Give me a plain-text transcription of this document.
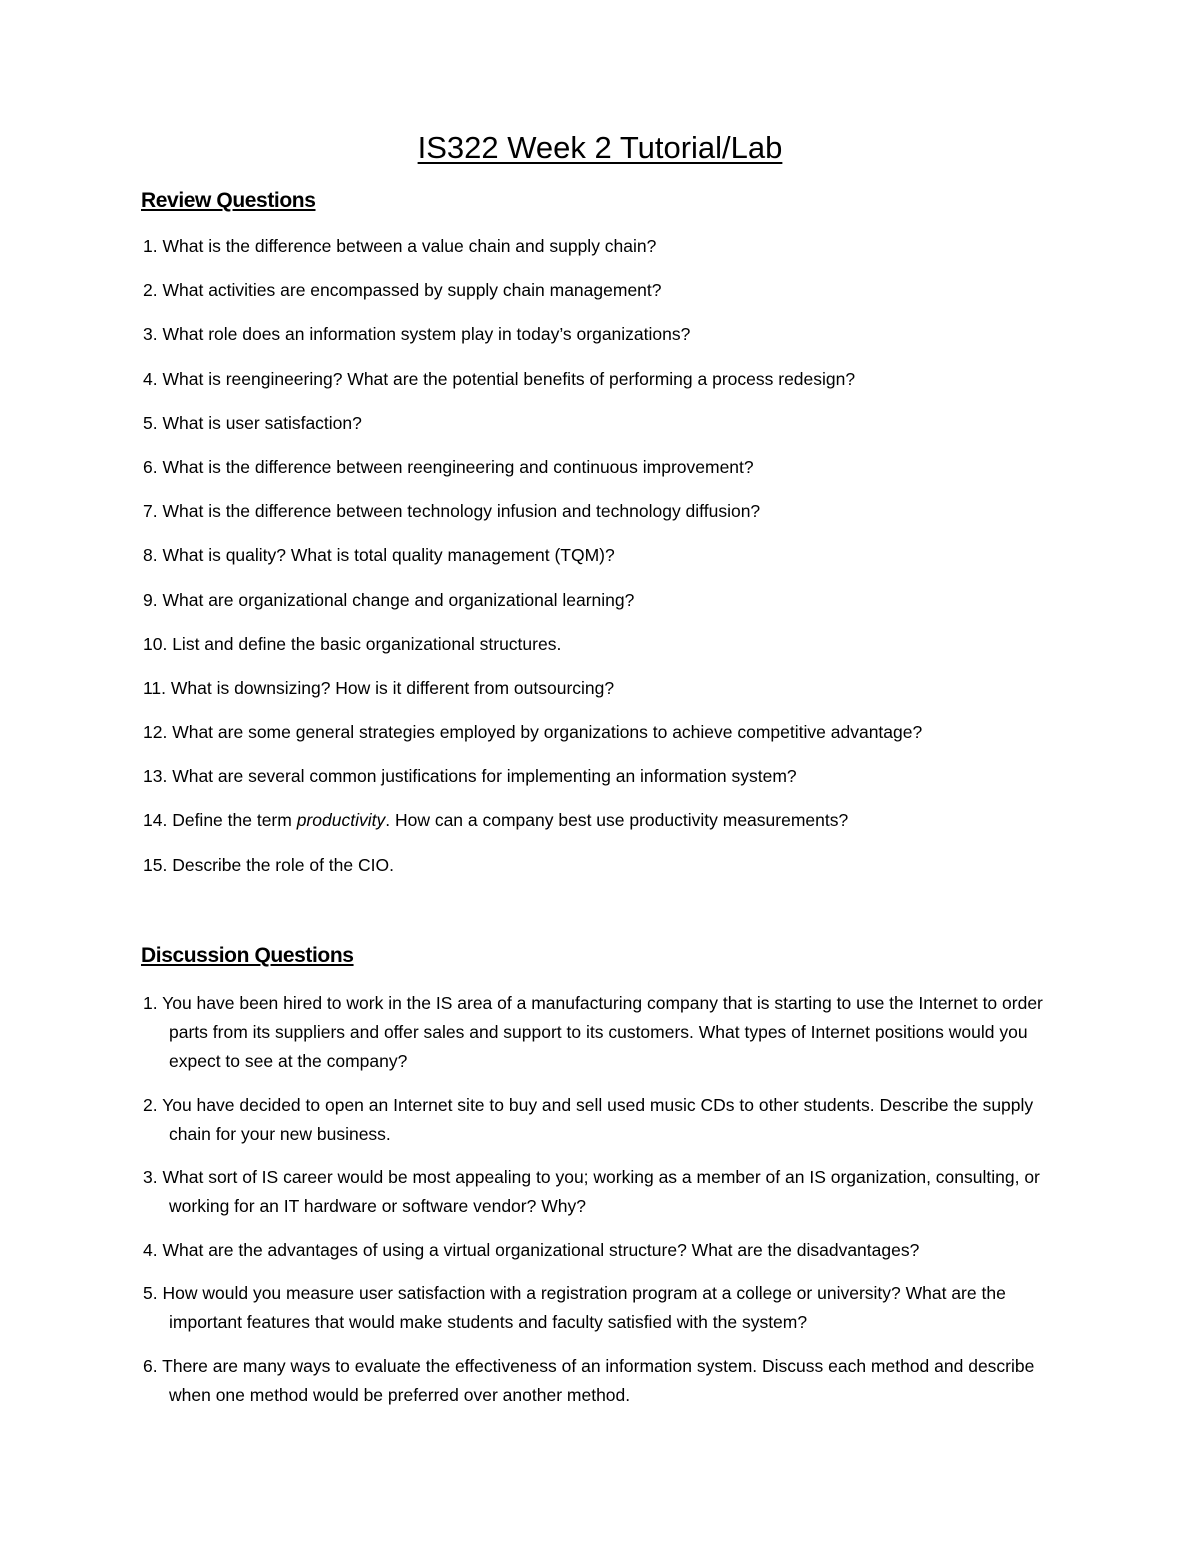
IS322 Week 2 Tutorial/Lab
Review Questions
1. What is the difference between a value chain and supply chain?
2. What activities are encompassed by supply chain management?
3. What role does an information system play in today’s organizations?
4. What is reengineering? What are the potential benefits of performing a process redesign?
5. What is user satisfaction?
6. What is the difference between reengineering and continuous improvement?
7. What is the difference between technology infusion and technology diffusion?
8. What is quality? What is total quality management (TQM)?
9. What are organizational change and organizational learning?
10. List and define the basic organizational structures.
11. What is downsizing? How is it different from outsourcing?
12. What are some general strategies employed by organizations to achieve competitive advantage?
13. What are several common justifications for implementing an information system?
14. Define the term productivity. How can a company best use productivity measurements?
15. Describe the role of the CIO.
Discussion Questions
1. You have been hired to work in the IS area of a manufacturing company that is starting to use the Internet to order parts from its suppliers and offer sales and support to its customers. What types of Internet positions would you expect to see at the company?
2. You have decided to open an Internet site to buy and sell used music CDs to other students. Describe the supply chain for your new business.
3. What sort of IS career would be most appealing to you; working as a member of an IS organization, consulting, or working for an IT hardware or software vendor? Why?
4. What are the advantages of using a virtual organizational structure? What are the disadvantages?
5. How would you measure user satisfaction with a registration program at a college or university? What are the important features that would make students and faculty satisfied with the system?
6. There are many ways to evaluate the effectiveness of an information system. Discuss each method and describe when one method would be preferred over another method.
